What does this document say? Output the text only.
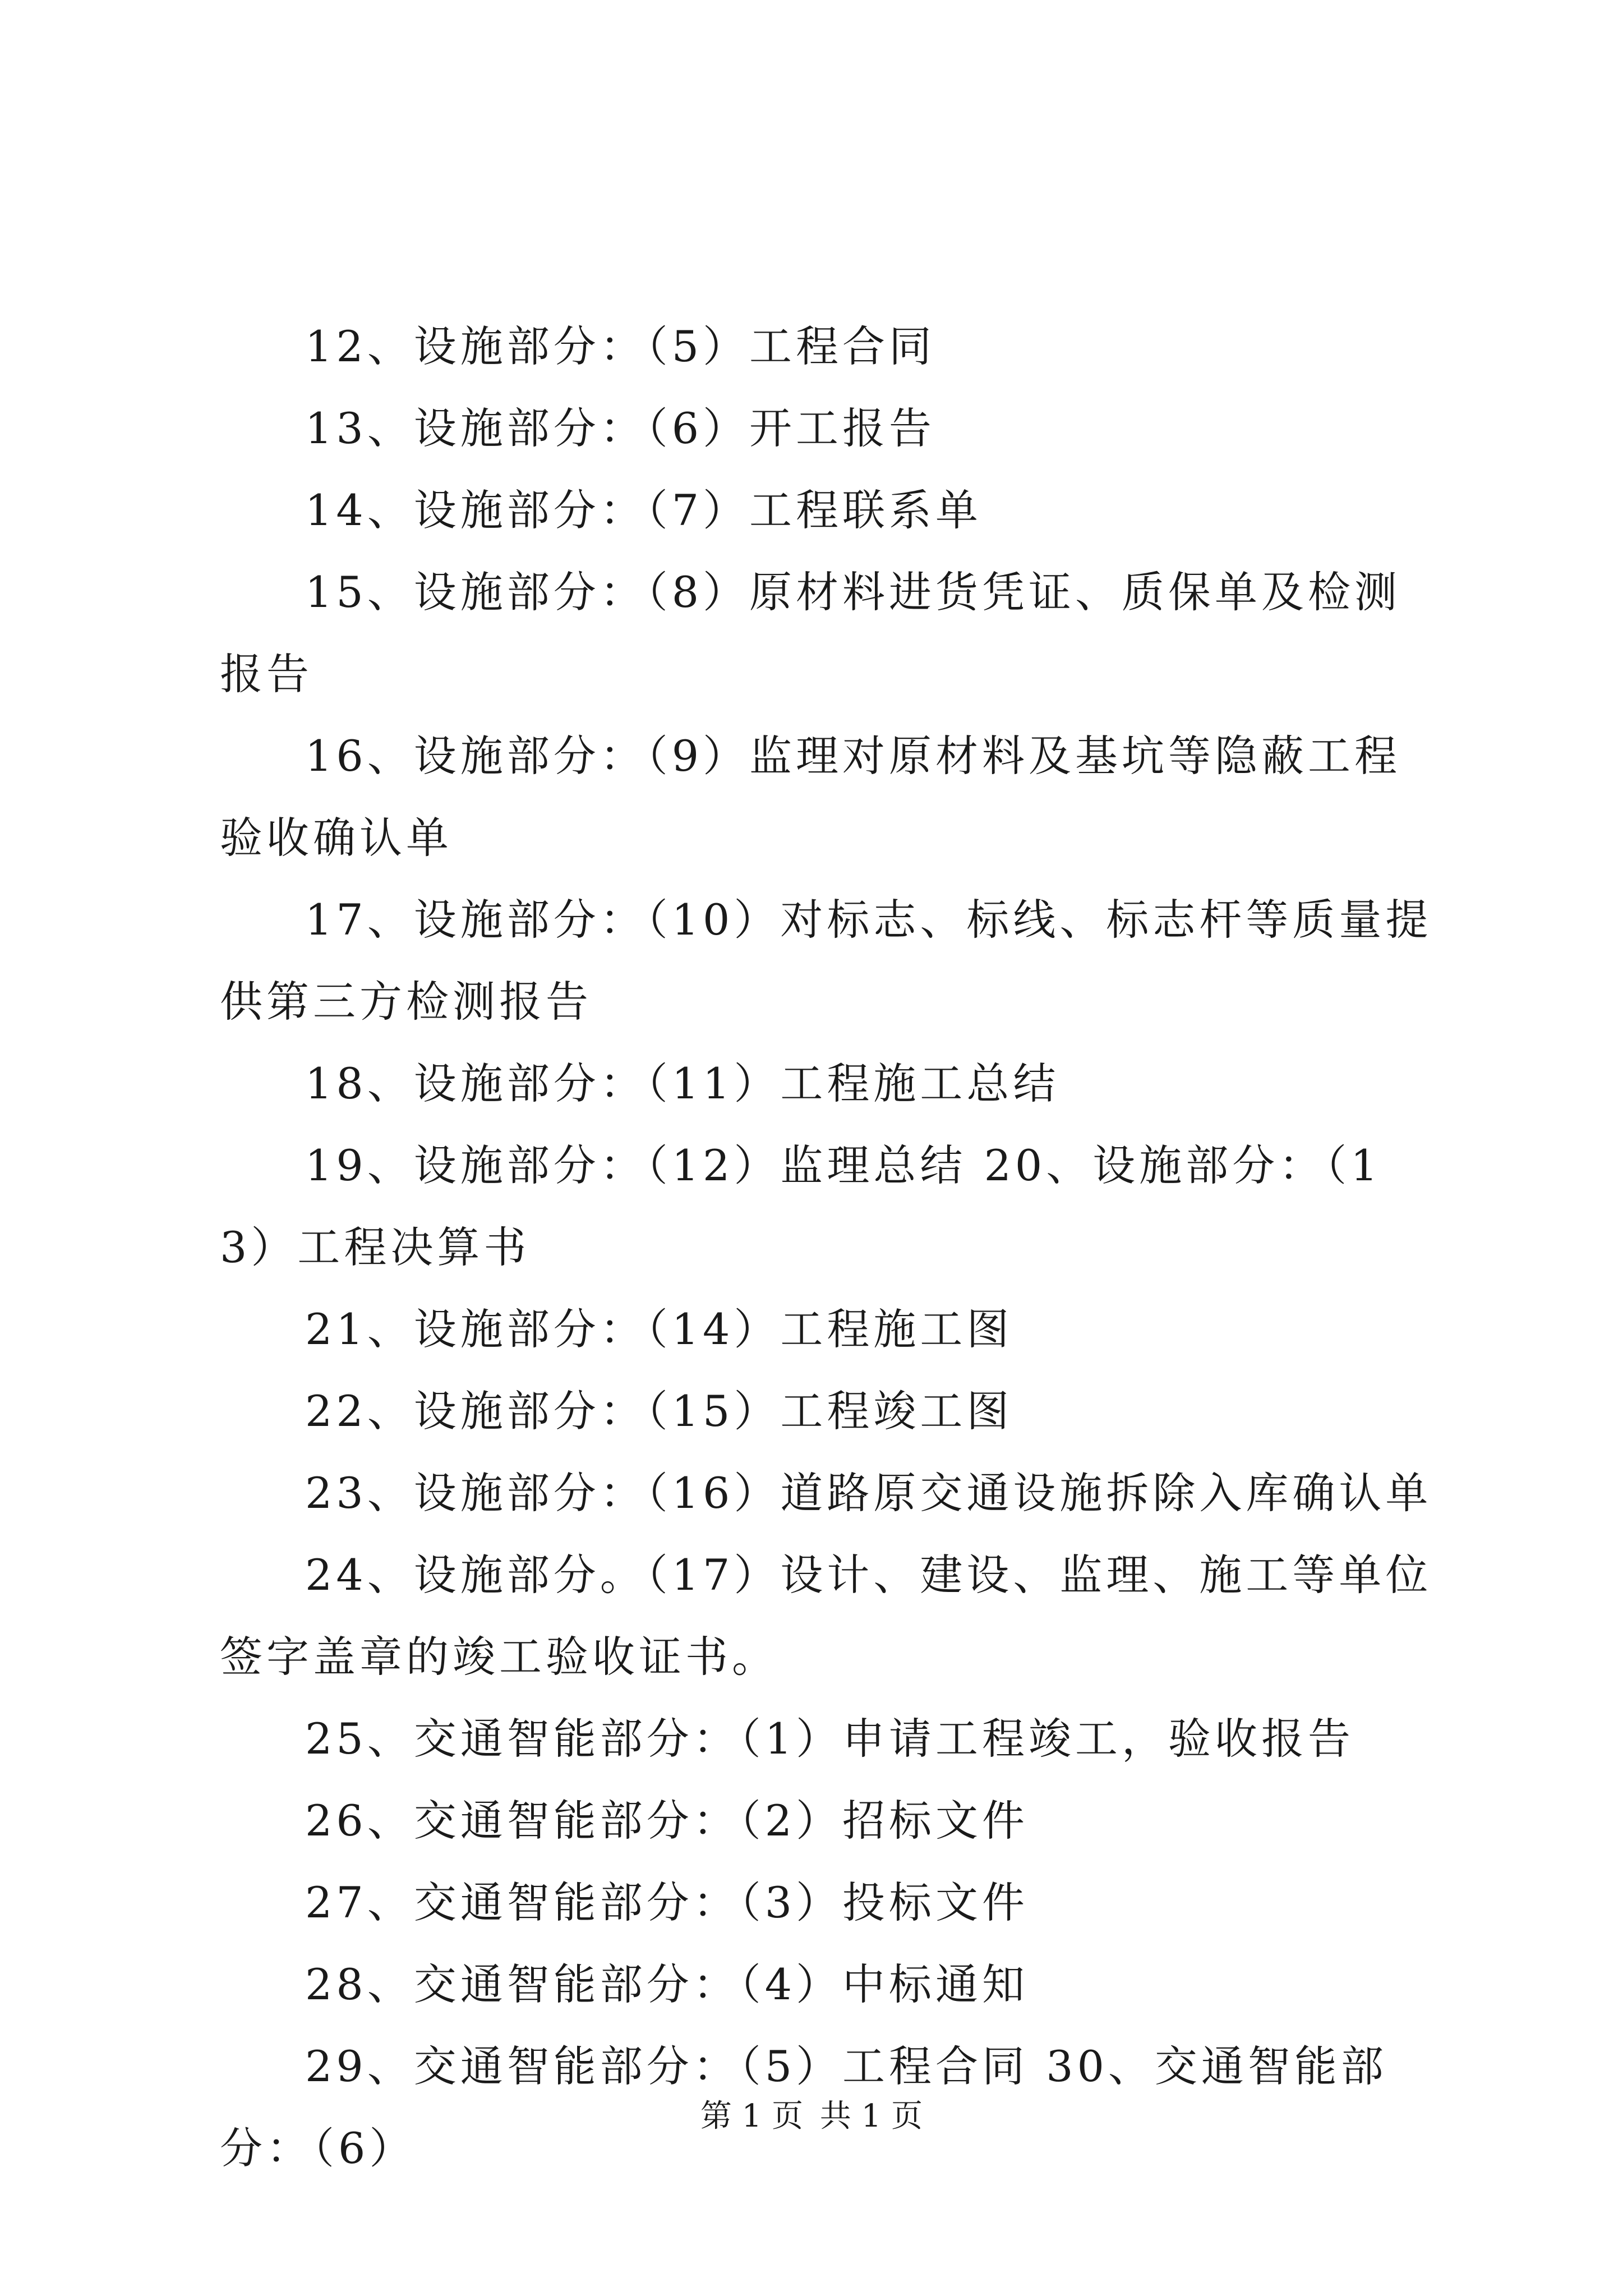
12、设施部分：（5）工程合同

13、设施部分：（6）开工报告

14、设施部分：（7）工程联系单

15、设施部分：（8）原材料进货凭证、质保单及检测报告

16、设施部分：（9）监理对原材料及基坑等隐蔽工程验收确认单

17、设施部分：（10）对标志、标线、标志杆等质量提供第三方检测报告

18、设施部分：（11）工程施工总结

19、设施部分：（12）监理总结 20、设施部分：（13）工程决算书

21、设施部分：（14）工程施工图

22、设施部分：（15）工程竣工图

23、设施部分：（16）道路原交通设施拆除入库确认单

24、设施部分。（17）设计、建设、监理、施工等单位签字盖章的竣工验收证书。

25、交通智能部分：（1）申请工程竣工，验收报告

26、交通智能部分：（2）招标文件

27、交通智能部分：（3）投标文件

28、交通智能部分：（4）中标通知

29、交通智能部分：（5）工程合同 30、交通智能部分：（6）

第 1 页 共 1 页
